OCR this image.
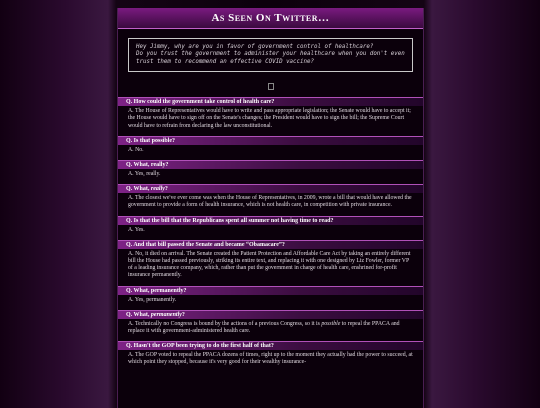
As Seen On Twitter…

Hey Jimmy, why are you in favor of government control of healthcare?

Do you trust the government to administer your healthcare when you don't even trust them to recommend an effective COVID vaccine?

Q. How could the government take control of health care?
A. The House of Representatives would have to write and pass appropriate legislation; the Senate would have to accept it; the House would have to sign off on the Senate's changes; the President would have to sign the bill; the Supreme Court would have to refrain from declaring the law unconstitutional.
Q. Is that possible?
A. No.
Q. What, really?
A. Yes, really.
Q. What, really?
A. The closest we've ever come was when the House of Representatives, in 2009, wrote a bill that would have allowed the government to provide a form of health insurance, which is not health care, in competition with private insurance.
Q. Is that the bill that the Republicans spent all summer not having time to read?
A. Yes.
Q. And that bill passed the Senate and became “Obamacare”?
A. No, it died on arrival. The Senate created the Patient Protection and Affordable Care Act by taking an entirely different bill the House had passed previously, striking its entire text, and replacing it with one designed by Liz Fowler, former VP of a leading insurance company, which, rather than put the government in charge of health care, enshrined for-profit insurance permanently.
Q. What, permanently?
A. Yes, permanently.
Q. What, permanently?
A. Technically no Congress is bound by the actions of a previous Congress, so it is possible to repeal the PPACA and replace it with government-administered health care.
Q. Hasn't the GOP been trying to do the first half of that?
A. The GOP voted to repeal the PPACA dozens of times, right up to the moment they actually had the power to succeed, at which point they stopped, because it's very good for their wealthy insurance-
